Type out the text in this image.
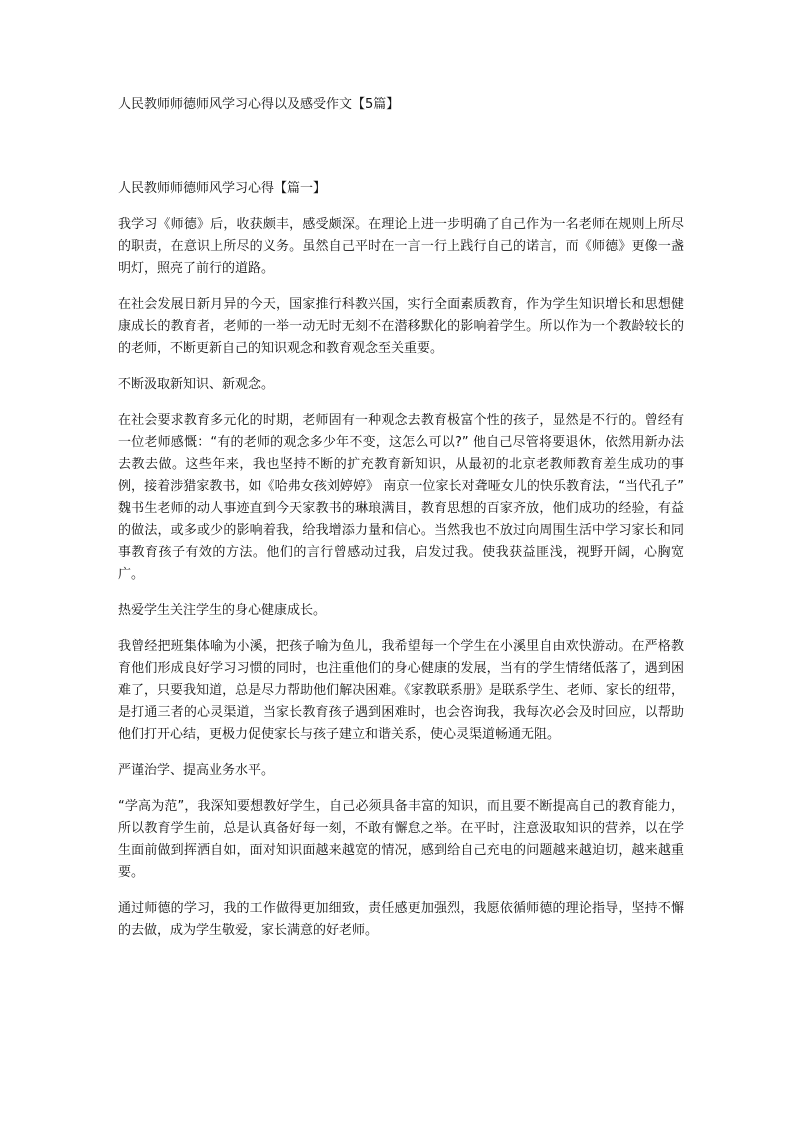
人民教师师德师风学习心得以及感受作文【5篇】
人民教师师德师风学习心得【篇一】

我学习《师德》后，收获颇丰，感受颇深。在理论上进一步明确了自己作为一名老师在规则上所尽的职责，在意识上所尽的义务。虽然自己平时在一言一行上践行自己的诺言，而《师德》更像一盏明灯，照亮了前行的道路。

在社会发展日新月异的今天，国家推行科教兴国，实行全面素质教育，作为学生知识增长和思想健康成长的教育者，老师的一举一动无时无刻不在潜移默化的影响着学生。所以作为一个教龄较长的的老师，不断更新自己的知识观念和教育观念至关重要。

不断汲取新知识、新观念。

在社会要求教育多元化的时期，老师固有一种观念去教育极富个性的孩子，显然是不行的。曾经有一位老师感慨：“有的老师的观念多少年不变，这怎么可以?” 他自己尽管将要退休，依然用新办法去教去做。这些年来，我也坚持不断的扩充教育新知识，从最初的北京老教师教育差生成功的事例，接着涉猎家教书，如《哈弗女孩刘婷婷》 南京一位家长对聋哑女儿的快乐教育法，“当代孔子” 魏书生老师的动人事迹直到今天家教书的琳琅满目，教育思想的百家齐放，他们成功的经验，有益的做法，或多或少的影响着我，给我增添力量和信心。当然我也不放过向周围生活中学习家长和同事教育孩子有效的方法。他们的言行曾感动过我，启发过我。使我获益匪浅，视野开阔，心胸宽广。

热爱学生关注学生的身心健康成长。

我曾经把班集体喻为小溪，把孩子喻为鱼儿，我希望每一个学生在小溪里自由欢快游动。在严格教育他们形成良好学习习惯的同时，也注重他们的身心健康的发展，当有的学生情绪低落了，遇到困难了，只要我知道，总是尽力帮助他们解决困难。《家教联系册》是联系学生、老师、家长的纽带，是打通三者的心灵渠道，当家长教育孩子遇到困难时，也会咨询我，我每次必会及时回应，以帮助他们打开心结，更极力促使家长与孩子建立和谐关系，使心灵渠道畅通无阻。

严谨治学、提高业务水平。

“学高为范”，我深知要想教好学生，自己必须具备丰富的知识，而且要不断提高自己的教育能力，所以教育学生前，总是认真备好每一刻，不敢有懈怠之举。在平时，注意汲取知识的营养，以在学生面前做到挥洒自如，面对知识面越来越宽的情况，感到给自己充电的问题越来越迫切，越来越重要。

通过师德的学习，我的工作做得更加细致，责任感更加强烈，我愿依循师德的理论指导，坚持不懈的去做，成为学生敬爱，家长满意的好老师。
